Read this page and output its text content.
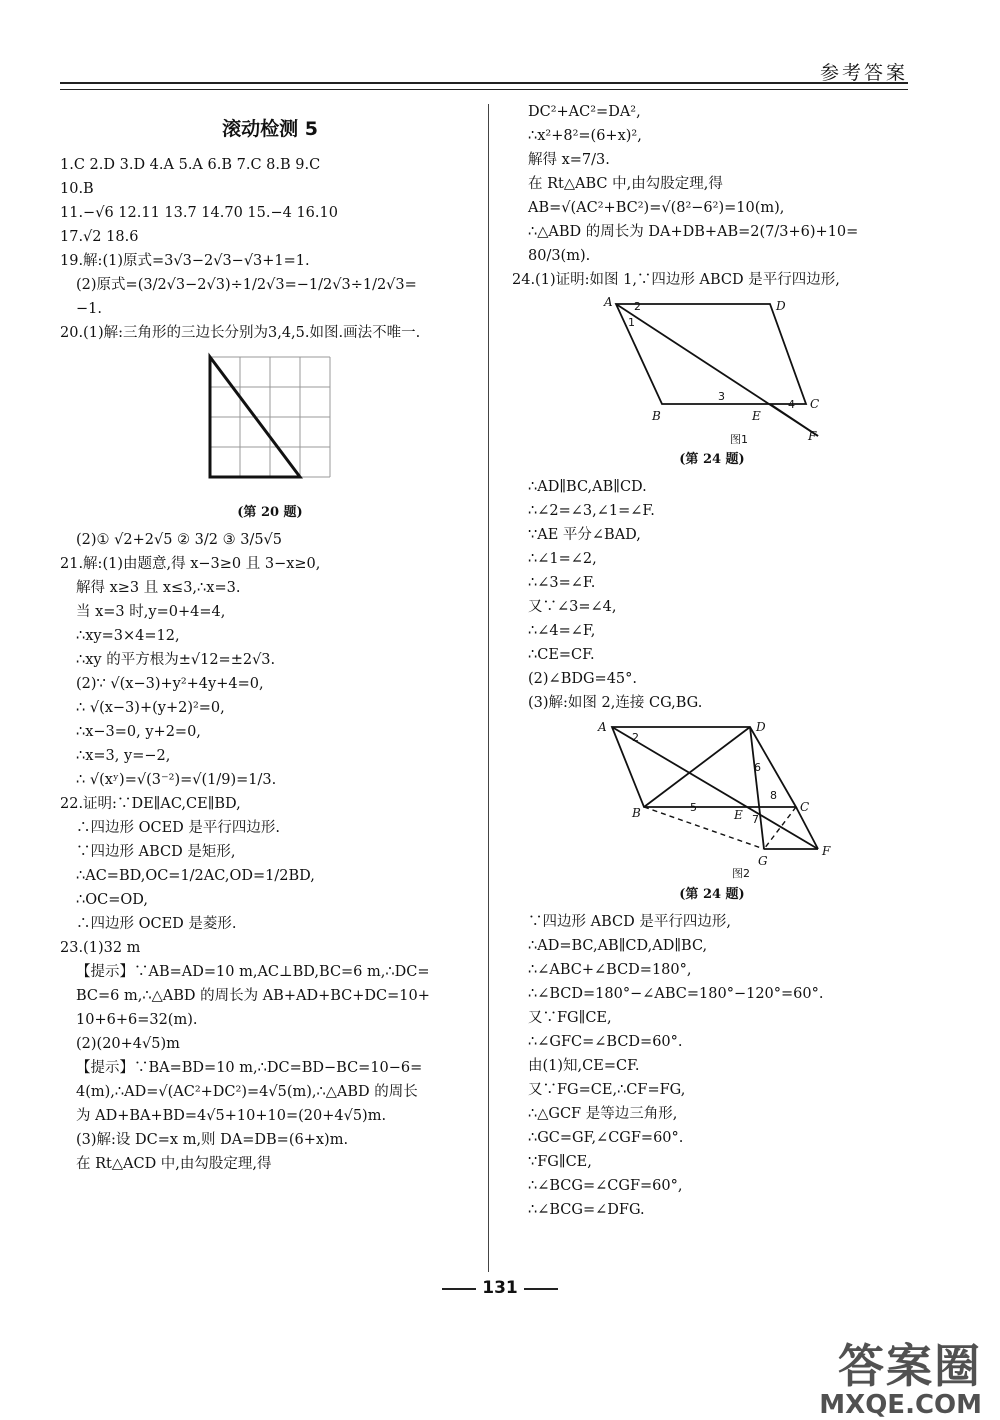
参考答案
滚动检测 5

1.C 2.D 3.D 4.A 5.A 6.B 7.C 8.B 9.C

10.B

11.−√6 12.11 13.7 14.70 15.−4 16.10

17.√2 18.6

19.解:(1)原式=3√3−2√3−√3+1=1.

(2)原式=(3/2√3−2√3)÷1/2√3=−1/2√3÷1/2√3=

−1.

20.(1)解:三角形的三边长分别为3,4,5.如图.画法不唯一.

(第 20 题)

(2)① √2+2√5 ② 3/2 ③ 3/5√5

21.解:(1)由题意,得 x−3≥0 且 3−x≥0,

解得 x≥3 且 x≤3,∴x=3.

当 x=3 时,y=0+4=4,

∴xy=3×4=12,

∴xy 的平方根为±√12=±2√3.

(2)∵ √(x−3)+y²+4y+4=0,

∴ √(x−3)+(y+2)²=0,

∴x−3=0, y+2=0,

∴x=3, y=−2,

∴ √(xʸ)=√(3⁻²)=√(1/9)=1/3.

22.证明:∵DE∥AC,CE∥BD,

∴四边形 OCED 是平行四边形.

∵四边形 ABCD 是矩形,

∴AC=BD,OC=1/2AC,OD=1/2BD,

∴OC=OD,

∴四边形 OCED 是菱形.

23.(1)32 m

【提示】∵AB=AD=10 m,AC⊥BD,BC=6 m,∴DC=

BC=6 m,∴△ABD 的周长为 AB+AD+BC+DC=10+

10+6+6=32(m).

(2)(20+4√5)m

【提示】∵BA=BD=10 m,∴DC=BD−BC=10−6=

4(m),∴AD=√(AC²+DC²)=4√5(m),∴△ABD 的周长

为 AD+BA+BD=4√5+10+10=(20+4√5)m.

(3)解:设 DC=x m,则 DA=DB=(6+x)m.

在 Rt△ACD 中,由勾股定理,得

DC²+AC²=DA²,

∴x²+8²=(6+x)²,

解得 x=7/3.

在 Rt△ABC 中,由勾股定理,得

AB=√(AC²+BC²)=√(8²−6²)=10(m),

∴△ABD 的周长为 DA+DB+AB=2(7/3+6)+10=

80/3(m).

24.(1)证明:如图 1,∵四边形 ABCD 是平行四边形,

A	D
B	E
C
F
2
1
3
4
图1
(第 24 题)

∴AD∥BC,AB∥CD.

∴∠2=∠3,∠1=∠F.

∵AE 平分∠BAD,

∴∠1=∠2,

∴∠3=∠F.

又∵∠3=∠4,

∴∠4=∠F,

∴CE=CF.

(2)∠BDG=45°.

(3)解:如图 2,连接 CG,BG.

A	D
B	E
C
F
G
2
5
6
7
8
图2
(第 24 题)

∵四边形 ABCD 是平行四边形,

∴AD=BC,AB∥CD,AD∥BC,

∴∠ABC+∠BCD=180°,

∴∠BCD=180°−∠ABC=180°−120°=60°.

又∵FG∥CE,

∴∠GFC=∠BCD=60°.

由(1)知,CE=CF.

又∵FG=CE,∴CF=FG,

∴△GCF 是等边三角形,

∴GC=GF,∠CGF=60°.

∵FG∥CE,

∴∠BCG=∠CGF=60°,

∴∠BCG=∠DFG.

131
答案圈
MXQE.COM
